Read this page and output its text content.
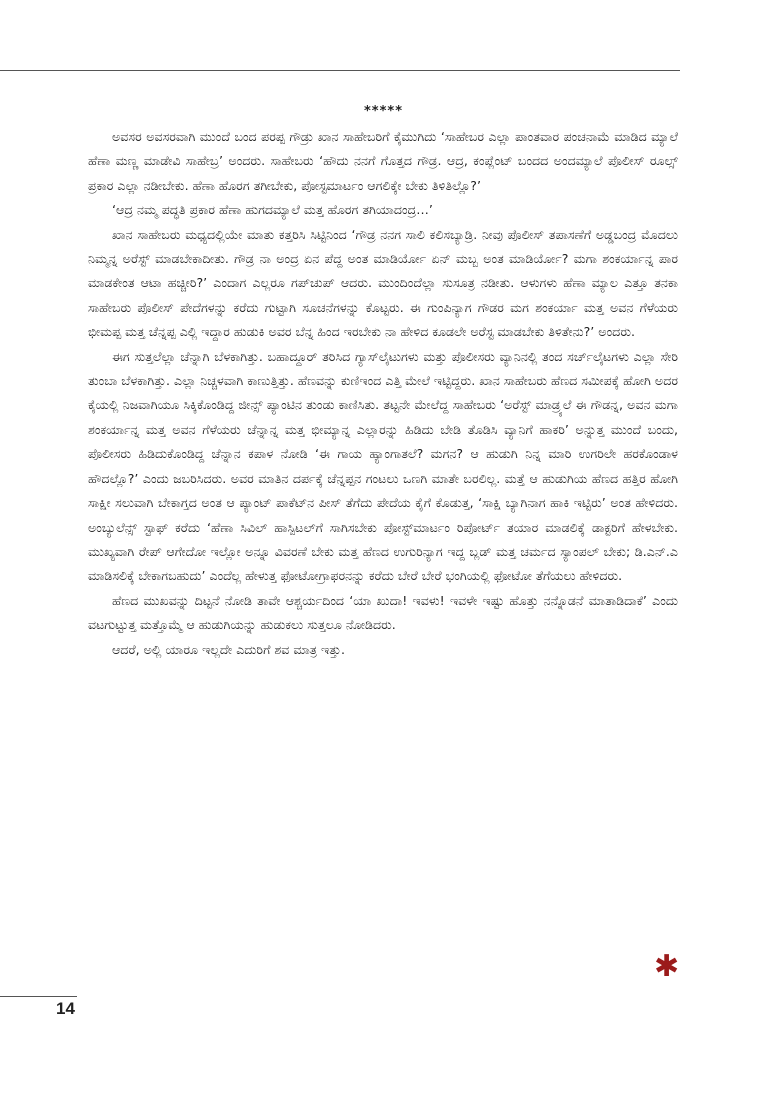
*****

ಅವಸರ ಅವಸರವಾಗಿ ಮುಂದೆ ಬಂದ ಪರಪ್ಪ ಗೌಡ್ರು ಖಾನ ಸಾಹೇಬರಿಗೆ ಕೈಮುಗಿದು ‘ಸಾಹೇಬರ ಎಲ್ಲಾ ಪಾಂತವಾರ ಪಂಚನಾಮೆ ಮಾಡಿದ ಮ್ಯಾಲೆ ಹೆಣಾ ಮಣ್ಣ ಮಾಡೇವಿ ಸಾಹೇಬ್ರ’ ಅಂದರು. ಸಾಹೇಬರು ‘ಹೌದು ನನಗೆ ಗೊತ್ತದ ಗೌಡ್ರ. ಆದ್ರ, ಕಂಪ್ಲೆಂಟ್ ಬಂದದ ಅಂದಮ್ಯಾಲೆ ಪೊಲೀಸ್ ರೂಲ್ಸ್ ಪ್ರಕಾರ ಎಲ್ಲಾ ನಡೀಬೇಕು. ಹೆಣಾ ಹೊರಗ ತಗೀಬೇಕು, ಪೋಸ್ಟಮಾರ್ಟಂ ಆಗಲಿಕ್ಕೇ ಬೇಕು ತಿಳಿತಿಲ್ಲೊ?’

‘ಆದ್ರ ನಮ್ಮ ಪದ್ಧತಿ ಪ್ರಕಾರ ಹೆಣಾ ಹುಗದಮ್ಯಾಲೆ ಮತ್ತ ಹೊರಗ ತಗಿಯಾದಂದ್ರ…’

ಖಾನ ಸಾಹೇಬರು ಮಧ್ಯದಲ್ಲಿಯೇ ಮಾತು ಕತ್ತರಿಸಿ ಸಿಟ್ಟಿನಿಂದ ‘ಗೌಡ್ರ ನನಗ ಸಾಲಿ ಕಲಿಸಬ್ಯಾಡ್ರಿ. ನೀವು ಪೊಲೀಸ್ ತಪಾಸಣೆಗೆ ಅಡ್ಡಬಂದ್ರ ಮೊದಲು ನಿಮ್ಮನ್ನ ಅರೆಸ್ಟ್ ಮಾಡಬೇಕಾದೀತು. ಗೌಡ್ರ ನಾ ಅಂದ್ರ ಏನ ಪೆದ್ದ ಅಂತ ಮಾಡಿರ್ಯೋ ಏನ್ ಮಬ್ಬ ಅಂತ ಮಾಡಿರ್ಯೋ? ಮಗಾ ಶಂಕರ್ಯಾನ್ನ ಪಾರ ಮಾಡಕೇಂತ ಆಟಾ ಹಚ್ಚೀರಿ?’ ಎಂದಾಗ ಎಲ್ಲರೂ ಗಪ್‌ಚುಪ್ ಆದರು. ಮುಂದಿಂದೆಲ್ಲಾ ಸುಸೂತ್ರ ನಡೀತು. ಆಳುಗಳು ಹೆಣಾ ಮ್ಯಾಲ ಎತ್ತೂ ತನಕಾ ಸಾಹೇಬರು ಪೊಲೀಸ್ ಪೇದೆಗಳನ್ನು ಕರೆದು ಗುಟ್ಟಾಗಿ ಸೂಚನೆಗಳನ್ನು ಕೊಟ್ಟರು. ಈ ಗುಂಪಿನ್ಯಾಗ ಗೌಡರ ಮಗ ಶಂಕರ್ಯಾ ಮತ್ತ ಅವನ ಗೆಳೆಯರು ಭೀಮಪ್ಪ ಮತ್ತ ಚೆನ್ನಪ್ಪ ಎಲ್ಲಿ ಇದ್ದಾರ ಹುಡುಕಿ ಅವರ ಬೆನ್ನ ಹಿಂದ ಇರಬೇಕು ನಾ ಹೇಳಿದ ಕೂಡಲೇ ಅರೆಸ್ಟ ಮಾಡಬೇಕು ತಿಳಿತೇನು?’ ಅಂದರು.

ಈಗ ಸುತ್ತಲೆಲ್ಲಾ ಚೆನ್ನಾಗಿ ಬೆಳಕಾಗಿತ್ತು. ಬಹಾದ್ದೂರ್ ತರಿಸಿದ ಗ್ಯಾಸ್‌ಲೈಟುಗಳು ಮತ್ತು ಪೊಲೀಸರು ವ್ಯಾನಿನಲ್ಲಿ ತಂದ ಸರ್ಚ್‌ಲೈಟಗಳು ಎಲ್ಲಾ ಸೇರಿ ತುಂಬಾ ಬೆಳಕಾಗಿತ್ತು. ಎಲ್ಲಾ ನಿಚ್ಚಳವಾಗಿ ಕಾಣುತ್ತಿತ್ತು. ಹೆಣವನ್ನು ಕುಣಿಇಂದ ಎತ್ತಿ ಮೇಲೆ ಇಟ್ಟಿದ್ದರು. ಖಾನ ಸಾಹೇಬರು ಹೆಣದ ಸಮೀಪಕ್ಕೆ ಹೋಗಿ ಅದರ ಕೈಯಲ್ಲಿ ನಿಜವಾಗಿಯೂ ಸಿಕ್ಕಿಕೊಂಡಿದ್ದ ಜೀನ್ಸ್ ಪ್ಯಾಂಟಿನ ತುಂಡು ಕಾಣಿಸಿತು. ತಟ್ಟನೇ ಮೇಲೆದ್ದ ಸಾಹೇಬರು ‘ಅರೆಸ್ಟ್ ಮಾಡ್ರ್ಯಲೆ ಈ ಗೌಡನ್ನ, ಅವನ ಮಗಾ ಶಂಕರ್ಯಾನ್ನ ಮತ್ತ ಅವನ ಗೆಳೆಯರು ಚೆನ್ನಾನ್ನ ಮತ್ತ ಭೀಮ್ಯಾನ್ನ ಎಲ್ಲಾರನ್ನು ಹಿಡಿದು ಬೇಡಿ ತೊಡಿಸಿ ವ್ಯಾನಿಗೆ ಹಾಕರಿ’ ಅನ್ನುತ್ತ ಮುಂದೆ ಬಂದು, ಪೊಲೀಸರು ಹಿಡಿದುಕೊಂಡಿದ್ದ ಚೆನ್ನಾನ ಕಪಾಳ ನೋಡಿ ‘ಈ ಗಾಯ ಹ್ಯಾಂಗಾತಲೆ? ಮಗನ? ಆ ಹುಡುಗಿ ನಿನ್ನ ಮಾರಿ ಉಗರಿಲೇ ಹರಕೊಂಡಾಳ ಹೌದಲ್ಲೊ?’ ಎಂದು ಜಬರಿಸಿದರು. ಅವರ ಮಾತಿನ ದರ್ಪಕ್ಕೆ ಚೆನ್ನಪ್ಪನ ಗಂಟಲು ಒಣಗಿ ಮಾತೇ ಬರಲಿಲ್ಲ. ಮತ್ತೆ ಆ ಹುಡುಗಿಯ ಹೆಣದ ಹತ್ತಿರ ಹೋಗಿ ಸಾಕ್ಷೀ ಸಲುವಾಗಿ ಬೇಕಾಗ್ತದ ಅಂತ ಆ ಪ್ಯಾಂಟ್ ಪಾಕೆಟ್‌ನ ಪೀಸ್ ತೆಗೆದು ಪೇದೆಯ ಕೈಗೆ ಕೊಡುತ್ತ, ‘ಸಾಕ್ಷಿ ಬ್ಯಾಗಿನಾಗ ಹಾಕಿ ಇಟ್ಟಿರು’ ಅಂತ ಹೇಳಿದರು. ಅಂಬ್ಯುಲೆನ್ಸ್ ಸ್ಟಾಫ್ ಕರೆದು ‘ಹೆಣಾ ಸಿವಿಲ್ ಹಾಸ್ಪಿಟಲ್‌ಗೆ ಸಾಗಿಸಬೇಕು ಪೋಸ್ಟ್‌ಮಾರ್ಟಂ ರಿಪೋರ್ಟ್ ತಯಾರ ಮಾಡಲಿಕ್ಕೆ ಡಾಕ್ಟರಿಗೆ ಹೇಳಬೇಕು. ಮುಖ್ಯವಾಗಿ ರೇಪ್ ಆಗೇದೋ ಇಲ್ಲೋ ಅನ್ನೂ ವಿವರಣೆ ಬೇಕು ಮತ್ತ ಹೆಣದ ಉಗುರಿನ್ಯಾಗ ಇದ್ದ ಬ್ಲಡ್ ಮತ್ತ ಚರ್ಮದ ಸ್ಯಾಂಪಲ್ ಬೇಕು; ಡಿ.ಎನ್.ಎ ಮಾಡಿಸಲಿಕ್ಕೆ ಬೇಕಾಗಬಹುದು’ ಎಂದೆಲ್ಲ ಹೇಳುತ್ತ ಫೋಟೋಗ್ರಾಫರನನ್ನು ಕರೆದು ಬೇರೆ ಬೇರೆ ಭಂಗಿಯಲ್ಲಿ ಫೋಟೋ ತೆಗೆಯಲು ಹೇಳಿದರು.

ಹೆಣದ ಮುಖವನ್ನು ದಿಟ್ಟನೆ ನೋಡಿ ತಾವೇ ಆಶ್ಚರ್ಯದಿಂದ ‘ಯಾ ಖುದಾ! ಇವಳು! ಇವಳೇ ಇಷ್ಟು ಹೊತ್ತು ನನ್ನೊಡನೆ ಮಾತಾಡಿದಾಕೆ’ ಎಂದು ವಟಗುಟ್ಟುತ್ತ ಮತ್ತೊಮ್ಮೆ ಆ ಹುಡುಗಿಯನ್ನು ಹುಡುಕಲು ಸುತ್ತಲೂ ನೋಡಿದರು.

ಆದರೆ, ಅಲ್ಲಿ ಯಾರೂ ಇಲ್ಲದೇ ಎದುರಿಗೆ ಶವ ಮಾತ್ರ ಇತ್ತು.

✱
14
